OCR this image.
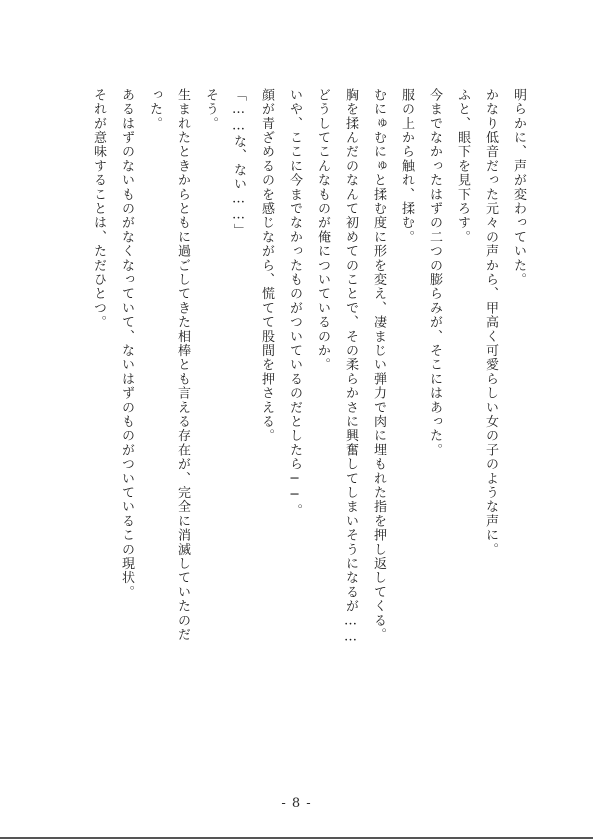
明らかに、声が変わっていた。
かなり低音だった元々の声から、甲高く可愛らしい女の子のような声に。
ふと、眼下を見下ろす。
今までなかったはずの二つの膨らみが、そこにはあった。
服の上から触れ、揉む。
むにゅむにゅと揉む度に形を変え、凄まじい弾力で肉に埋もれた指を押し返してくる。
胸を揉んだのなんて初めてのことで、その柔らかさに興奮してしまいそうになるが……
どうしてこんなものが俺についているのか。
いや、ここに今までなかったものがついているのだとしたら──。
顔が青ざめるのを感じながら、慌てて股間を押さえる。
「……な、ない……」
そう。
生まれたときからともに過ごしてきた相棒とも言える存在が、完全に消滅していたのだ
った。
あるはずのないものがなくなっていて、ないはずのものがついているこの現状。
それが意味することは、ただひとつ。
- 8 -
